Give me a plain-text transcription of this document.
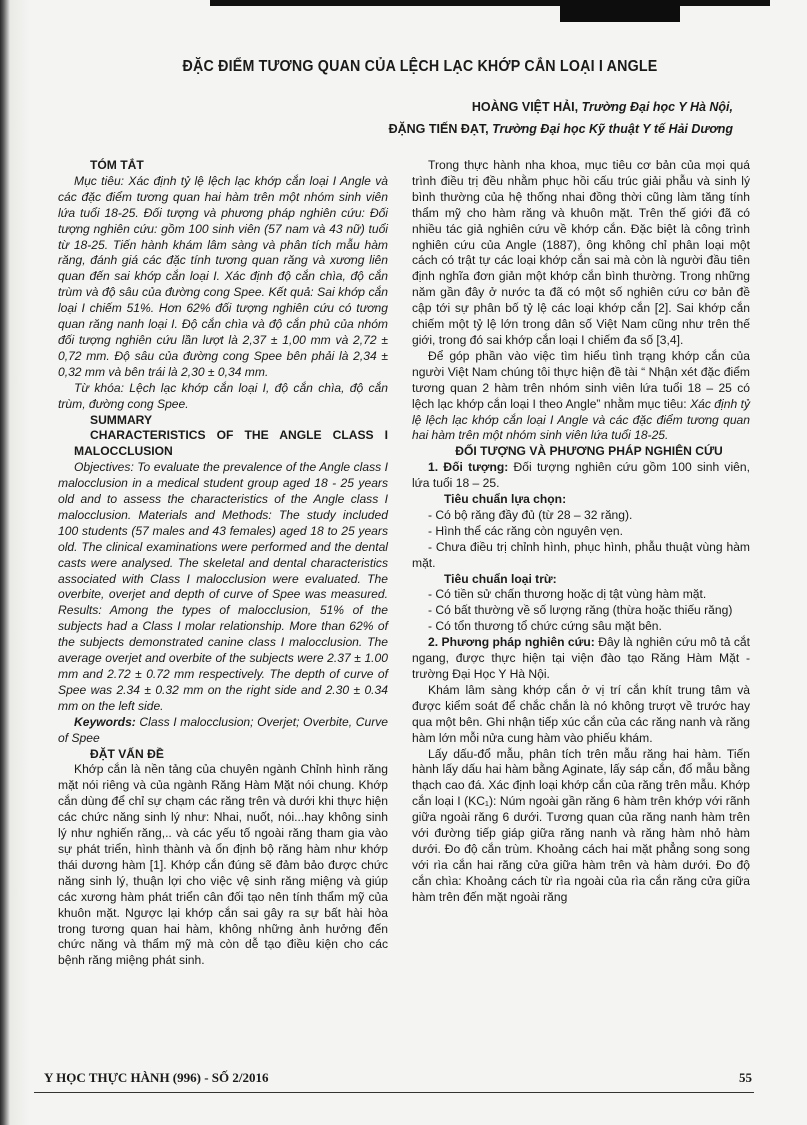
ĐẶC ĐIỂM TƯƠNG QUAN CỦA LỆCH LẠC KHỚP CẮN LOẠI I ANGLE
HOÀNG VIỆT HẢI, Trường Đại học Y Hà Nội,
ĐẶNG TIẾN ĐẠT, Trường Đại học Kỹ thuật Y tế Hải Dương

TÓM TẮT

Mục tiêu: Xác định tỷ lệ lệch lạc khớp cắn loại I Angle và các đặc điểm tương quan hai hàm trên một nhóm sinh viên lứa tuổi 18-25. Đối tượng và phương pháp nghiên cứu: Đối tượng nghiên cứu: gồm 100 sinh viên (57 nam và 43 nữ) tuổi từ 18-25. Tiến hành khám lâm sàng và phân tích mẫu hàm răng, đánh giá các đặc tính tương quan răng và xương liên quan đến sai khớp cắn loại I. Xác định độ cắn chìa, độ cắn trùm và độ sâu của đường cong Spee. Kết quả: Sai khớp cắn loại I chiếm 51%. Hơn 62% đối tượng nghiên cứu có tương quan răng nanh loại I. Độ cắn chìa và độ cắn phủ của nhóm đối tượng nghiên cứu lần lượt là 2,37 ± 1,00 mm và 2,72 ± 0,72 mm. Độ sâu của đường cong Spee bên phải là 2,34 ± 0,32 mm và bên trái là 2,30 ± 0,34 mm.

Từ khóa: Lệch lạc khớp cắn loại I, độ cắn chìa, độ cắn trùm, đường cong Spee.

SUMMARY

CHARACTERISTICS OF THE ANGLE CLASS I MALOCCLUSION

Objectives: To evaluate the prevalence of the Angle class I malocclusion in a medical student group aged 18 - 25 years old and to assess the characteristics of the Angle class I malocclusion. Materials and Methods: The study included 100 students (57 males and 43 females) aged 18 to 25 years old. The clinical examinations were performed and the dental casts were analysed. The skeletal and dental characteristics associated with Class I malocclusion were evaluated. The overbite, overjet and depth of curve of Spee was measured. Results: Among the types of malocclusion, 51% of the subjects had a Class I molar relationship. More than 62% of the subjects demonstrated canine class I malocclusion. The average overjet and overbite of the subjects were 2.37 ± 1.00 mm and 2.72 ± 0.72 mm respectively. The depth of curve of Spee was 2.34 ± 0.32 mm on the right side and 2.30 ± 0.34 mm on the left side.

Keywords: Class I malocclusion; Overjet; Overbite, Curve of Spee

ĐẶT VẤN ĐỀ

Khớp cắn là nền tảng của chuyên ngành Chỉnh hình răng mặt nói riêng và của ngành Răng Hàm Mặt nói chung. Khớp cắn dùng để chỉ sự chạm các răng trên và dưới khi thực hiện các chức năng sinh lý như: Nhai, nuốt, nói...hay không sinh lý như nghiến răng,.. và các yếu tố ngoài răng tham gia vào sự phát triển, hình thành và ổn định bộ răng hàm như khớp thái dương hàm [1]. Khớp cắn đúng sẽ đảm bảo được chức năng sinh lý, thuận lợi cho việc vệ sinh răng miệng và giúp các xương hàm phát triển cân đối tạo nên tính thẩm mỹ của khuôn mặt. Ngược lại khớp cắn sai gây ra sự bất hài hòa trong tương quan hai hàm, không những ảnh hưởng đến chức năng và thẩm mỹ mà còn dễ tạo điều kiện cho các bệnh răng miệng phát sinh.

Trong thực hành nha khoa, mục tiêu cơ bản của mọi quá trình điều trị đều nhằm phục hồi cấu trúc giải phẫu và sinh lý bình thường của hệ thống nhai đồng thời cũng làm tăng tính thẩm mỹ cho hàm răng và khuôn mặt. Trên thế giới đã có nhiều tác giả nghiên cứu về khớp cắn. Đặc biệt là công trình nghiên cứu của Angle (1887), ông không chỉ phân loại một cách có trật tự các loại khớp cắn sai mà còn là người đầu tiên định nghĩa đơn giản một khớp cắn bình thường. Trong những năm gần đây ở nước ta đã có một số nghiên cứu cơ bản đề cập tới sự phân bố tỷ lệ các loại khớp cắn [2]. Sai khớp cắn chiếm một tỷ lệ lớn trong dân số Việt Nam cũng như trên thế giới, trong đó sai khớp cắn loại I chiếm đa số [3,4].

Để góp phần vào việc tìm hiểu tình trạng khớp cắn của người Việt Nam chúng tôi thực hiện đề tài “ Nhận xét đặc điểm tương quan 2 hàm trên nhóm sinh viên lứa tuổi 18 – 25 có lệch lạc khớp cắn loại I theo Angle” nhằm mục tiêu: Xác định tỷ lệ lệch lạc khớp cắn loại I Angle và các đặc điểm tương quan hai hàm trên một nhóm sinh viên lứa tuổi 18-25.

ĐỐI TƯỢNG VÀ PHƯƠNG PHÁP NGHIÊN CỨU

1. Đối tượng: Đối tượng nghiên cứu gồm 100 sinh viên, lứa tuổi 18 – 25.

Tiêu chuẩn lựa chọn:

- Có bộ răng đầy đủ (từ 28 – 32 răng).

- Hình thể các răng còn nguyên vẹn.

- Chưa điều trị chỉnh hình, phục hình, phẫu thuật vùng hàm mặt.

Tiêu chuẩn loại trừ:

- Có tiền sử chấn thương hoặc dị tật vùng hàm mặt.

- Có bất thường về số lượng răng (thừa hoặc thiếu răng)

- Có tổn thương tổ chức cứng sâu mặt bên.

2. Phương pháp nghiên cứu: Đây là nghiên cứu mô tả cắt ngang, được thực hiện tại viện đào tạo Răng Hàm Mặt - trường Đại Học Y Hà Nội.

Khám lâm sàng khớp cắn ở vị trí cắn khít trung tâm và được kiểm soát để chắc chắn là nó không trượt về trước hay qua một bên. Ghi nhận tiếp xúc cắn của các răng nanh và răng hàm lớn mỗi nửa cung hàm vào phiếu khám.

Lấy dấu-đổ mẫu, phân tích trên mẫu răng hai hàm. Tiến hành lấy dấu hai hàm bằng Aginate, lấy sáp cắn, đổ mẫu bằng thạch cao đá. Xác định loại khớp cắn của răng trên mẫu. Khớp cắn loại I (KC₁): Núm ngoài gần răng 6 hàm trên khớp với rãnh giữa ngoài răng 6 dưới. Tương quan của răng nanh hàm trên với đường tiếp giáp giữa răng nanh và răng hàm nhỏ hàm dưới. Đo độ cắn trùm. Khoảng cách hai mặt phẳng song song với rìa cắn hai răng cửa giữa hàm trên và hàm dưới. Đo độ cắn chìa: Khoảng cách từ rìa ngoài của rìa cắn răng cửa giữa hàm trên đến mặt ngoài răng

Y HỌC THỰC HÀNH (996) - SỐ 2/2016	55
